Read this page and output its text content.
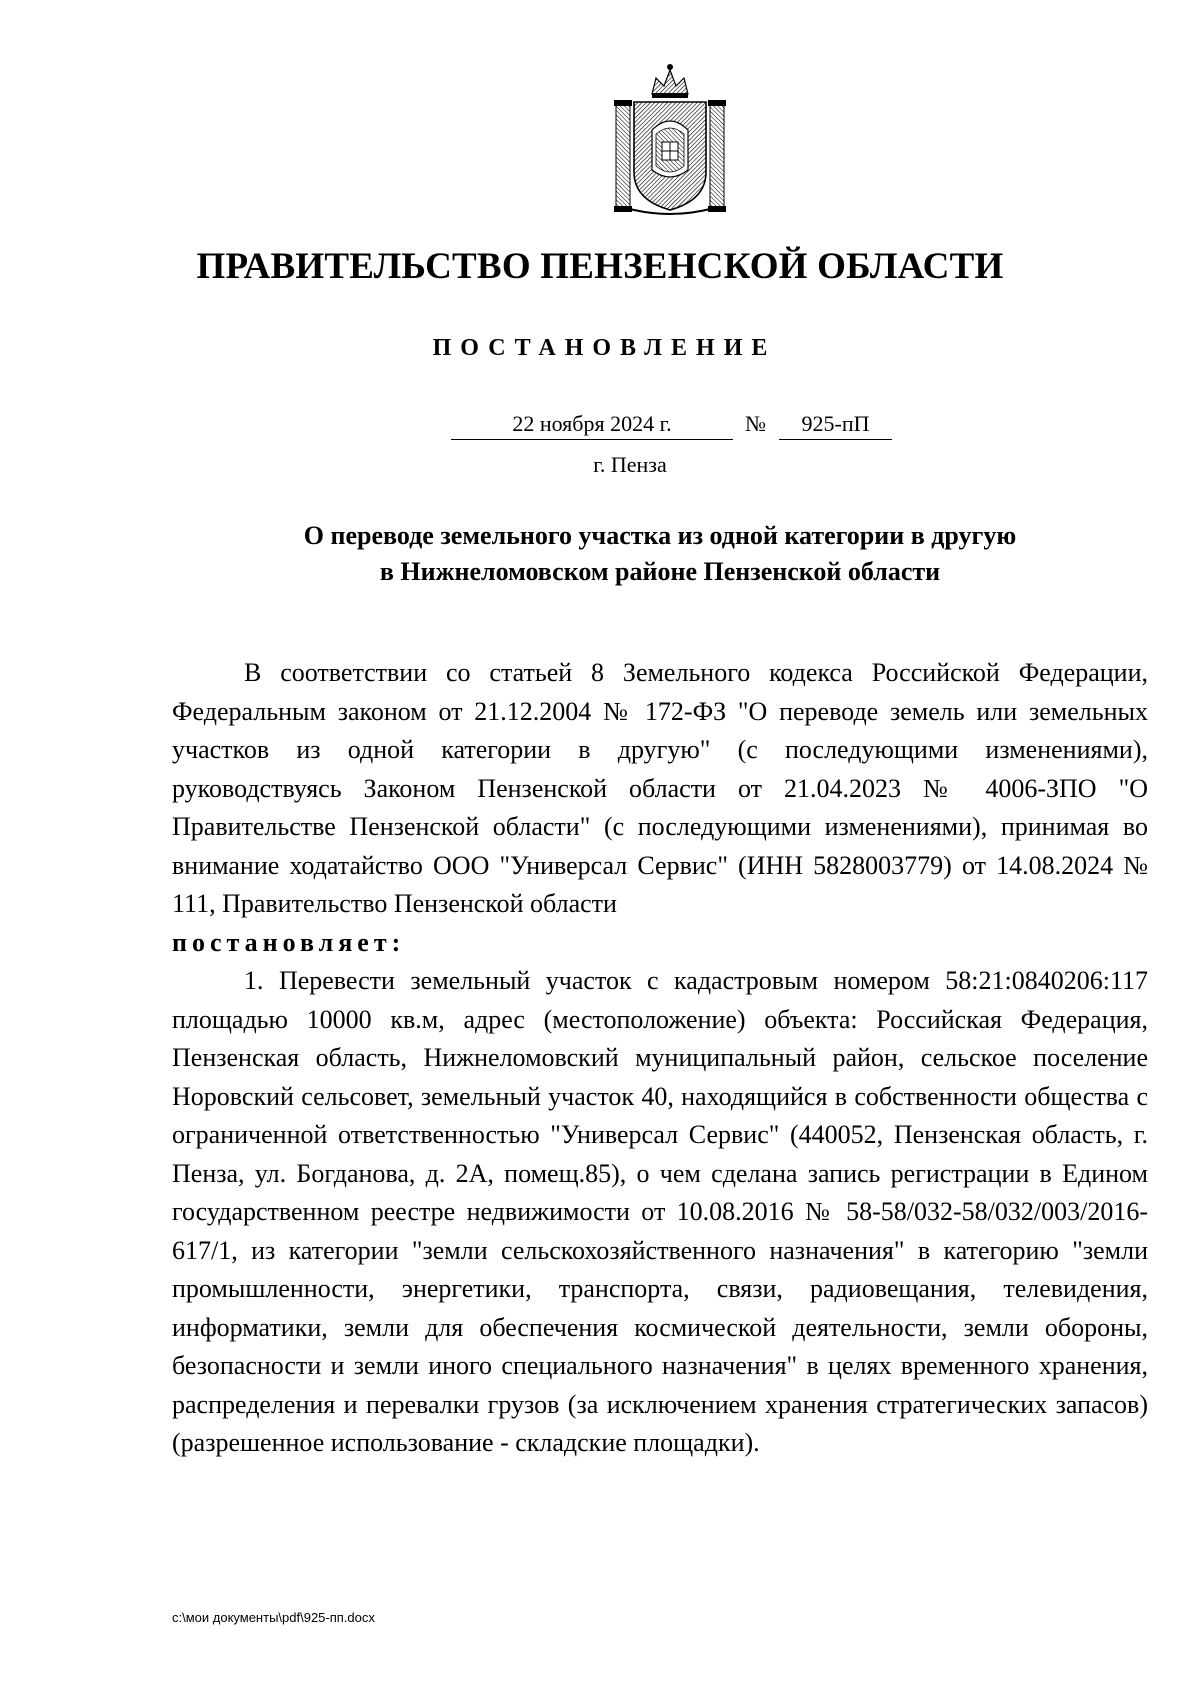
ПРАВИТЕЛЬСТВО ПЕНЗЕНСКОЙ ОБЛАСТИ
ПОСТАНОВЛЕНИЕ
22 ноября 2024 г.	№	925-пП
г. Пенза
О переводе земельного участка из одной категории в другую
в Нижнеломовском районе Пензенской области

В соответствии со статьей 8 Земельного кодекса Российской Федерации, Федеральным законом от 21.12.2004 № 172-ФЗ "О переводе земель или земельных участков из одной категории в другую" (с последующими изменениями), руководствуясь Законом Пензенской области от 21.04.2023 № 4006-ЗПО "О Правительстве Пензенской области" (с последующими изменениями), принимая во внимание ходатайство ООО "Универсал Сервис" (ИНН 5828003779) от 14.08.2024 № 111, Правительство Пензенской области

постановляет:

1. Перевести земельный участок с кадастровым номером 58:21:0840206:117 площадью 10000 кв.м, адрес (местоположение) объекта: Российская Федерация, Пензенская область, Нижнеломовский муниципальный район, сельское поселение Норовский сельсовет, земельный участок 40, находящийся в собственности общества с ограниченной ответственностью "Универсал Сервис" (440052, Пензенская область, г. Пенза, ул. Богданова, д. 2А, помещ.85), о чем сделана запись регистрации в Едином государственном реестре недвижимости от 10.08.2016 № 58-58/032-58/032/003/2016-617/1, из категории "земли сельскохозяйственного назначения" в категорию "земли промышленности, энергетики, транспорта, связи, радиовещания, телевидения, информатики, земли для обеспечения космической деятельности, земли обороны, безопасности и земли иного специального назначения" в целях временного хранения, распределения и перевалки грузов (за исключением хранения стратегических запасов) (разрешенное использование - складские площадки).

c:\мои документы\pdf\925-пп.docx
